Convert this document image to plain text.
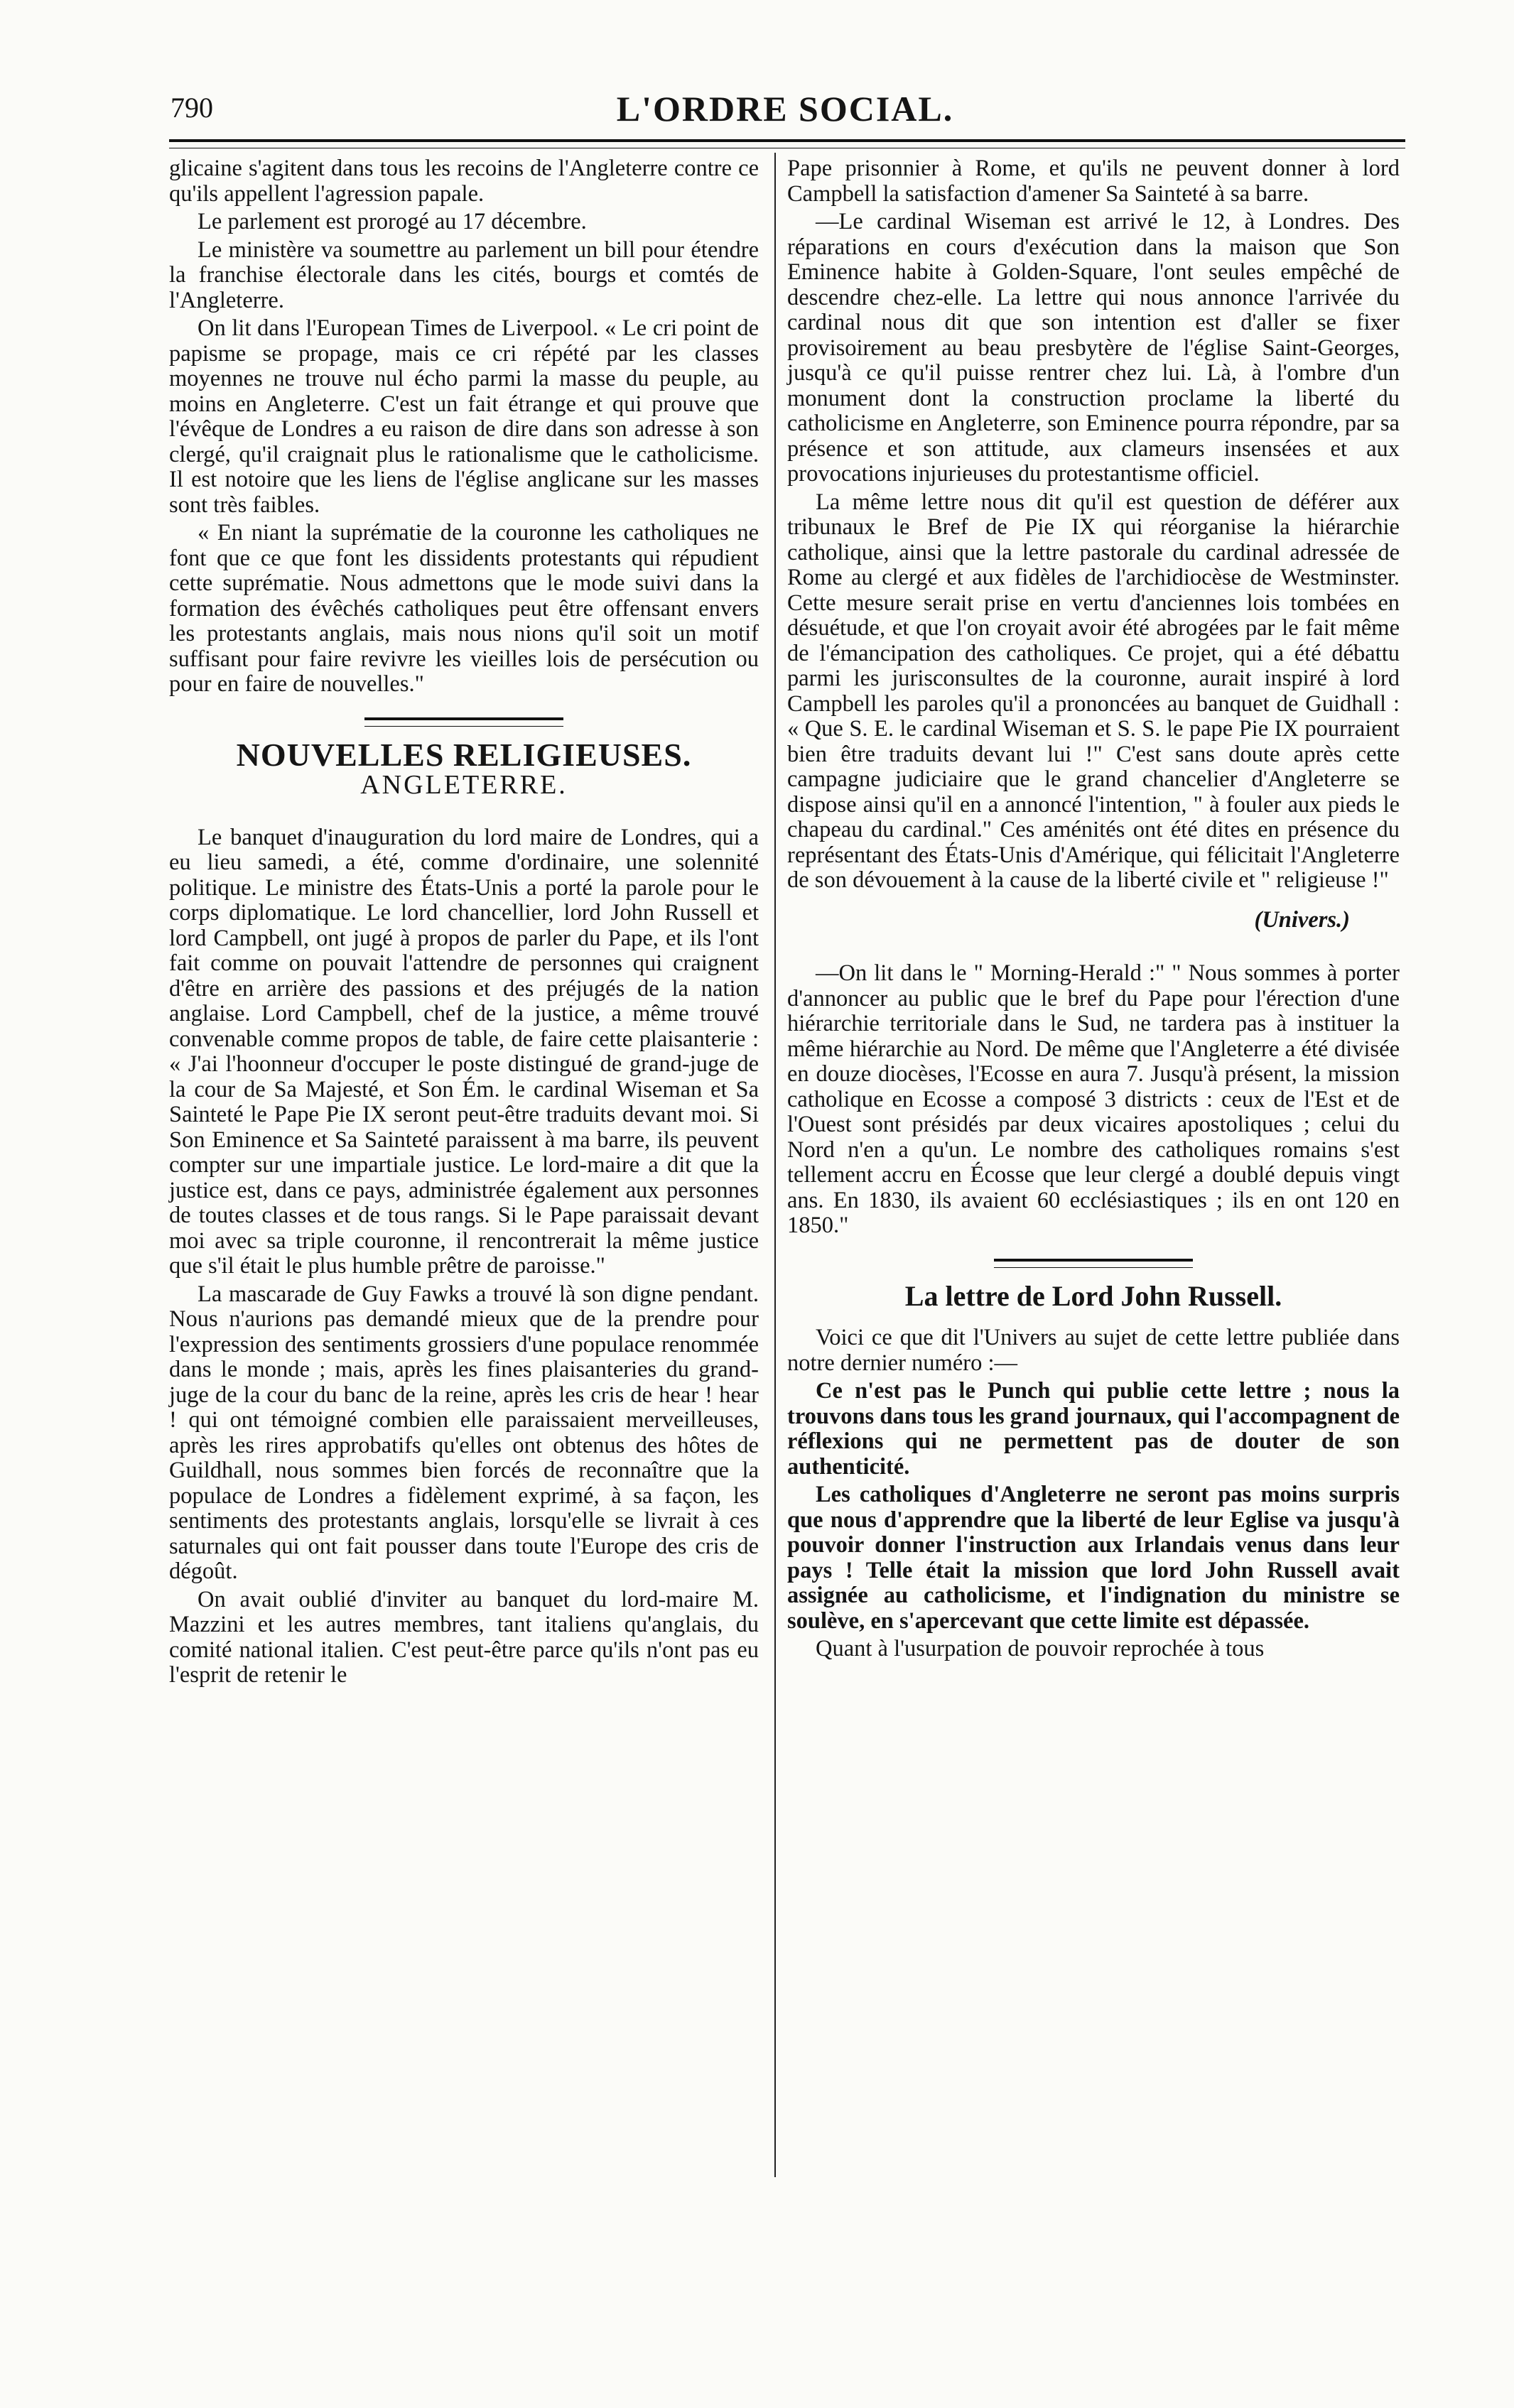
790	L'ORDRE SOCIAL.

glicaine s'agitent dans tous les recoins de l'Angleterre contre ce qu'ils appellent l'agression papale.

Le parlement est prorogé au 17 décembre.

Le ministère va soumettre au parlement un bill pour étendre la franchise électorale dans les cités, bourgs et comtés de l'Angleterre.

On lit dans l'European Times de Liverpool. « Le cri point de papisme se propage, mais ce cri répété par les classes moyennes ne trouve nul écho parmi la masse du peuple, au moins en Angleterre. C'est un fait étrange et qui prouve que l'évêque de Londres a eu raison de dire dans son adresse à son clergé, qu'il craignait plus le rationalisme que le catholicisme. Il est notoire que les liens de l'église anglicane sur les masses sont très faibles.

« En niant la suprématie de la couronne les catholiques ne font que ce que font les dissidents protestants qui répudient cette suprématie. Nous admettons que le mode suivi dans la formation des évêchés catholiques peut être offensant envers les protestants anglais, mais nous nions qu'il soit un motif suffisant pour faire revivre les vieilles lois de persécution ou pour en faire de nouvelles."

NOUVELLES RELIGIEUSES.
ANGLETERRE.

Le banquet d'inauguration du lord maire de Londres, qui a eu lieu samedi, a été, comme d'ordinaire, une solennité politique. Le ministre des États-Unis a porté la parole pour le corps diplomatique. Le lord chancellier, lord John Russell et lord Campbell, ont jugé à propos de parler du Pape, et ils l'ont fait comme on pouvait l'attendre de personnes qui craignent d'être en arrière des passions et des préjugés de la nation anglaise. Lord Campbell, chef de la justice, a même trouvé convenable comme propos de table, de faire cette plaisanterie : « J'ai l'hoonneur d'occuper le poste distingué de grand-juge de la cour de Sa Majesté, et Son Ém. le cardinal Wiseman et Sa Sainteté le Pape Pie IX seront peut-être traduits devant moi. Si Son Eminence et Sa Sainteté paraissent à ma barre, ils peuvent compter sur une impartiale justice. Le lord-maire a dit que la justice est, dans ce pays, administrée également aux personnes de toutes classes et de tous rangs. Si le Pape paraissait devant moi avec sa triple couronne, il rencontrerait la même justice que s'il était le plus humble prêtre de paroisse."

La mascarade de Guy Fawks a trouvé là son digne pendant. Nous n'aurions pas demandé mieux que de la prendre pour l'expression des sentiments grossiers d'une populace renommée dans le monde ; mais, après les fines plaisanteries du grand-juge de la cour du banc de la reine, après les cris de hear ! hear ! qui ont témoigné combien elle paraissaient merveilleuses, après les rires approbatifs qu'elles ont obtenus des hôtes de Guildhall, nous sommes bien forcés de reconnaître que la populace de Londres a fidèlement exprimé, à sa façon, les sentiments des protestants anglais, lorsqu'elle se livrait à ces saturnales qui ont fait pousser dans toute l'Europe des cris de dégoût.

On avait oublié d'inviter au banquet du lord-maire M. Mazzini et les autres membres, tant italiens qu'anglais, du comité national italien. C'est peut-être parce qu'ils n'ont pas eu l'esprit de retenir le

Pape prisonnier à Rome, et qu'ils ne peuvent donner à lord Campbell la satisfaction d'amener Sa Sainteté à sa barre.

—Le cardinal Wiseman est arrivé le 12, à Londres. Des réparations en cours d'exécution dans la maison que Son Eminence habite à Golden-Square, l'ont seules empêché de descendre chez-elle. La lettre qui nous annonce l'arrivée du cardinal nous dit que son intention est d'aller se fixer provisoirement au beau presbytère de l'église Saint-Georges, jusqu'à ce qu'il puisse rentrer chez lui. Là, à l'ombre d'un monument dont la construction proclame la liberté du catholicisme en Angleterre, son Eminence pourra répondre, par sa présence et son attitude, aux clameurs insensées et aux provocations injurieuses du protestantisme officiel.

La même lettre nous dit qu'il est question de déférer aux tribunaux le Bref de Pie IX qui réorganise la hiérarchie catholique, ainsi que la lettre pastorale du cardinal adressée de Rome au clergé et aux fidèles de l'archidiocèse de Westminster. Cette mesure serait prise en vertu d'anciennes lois tombées en désuétude, et que l'on croyait avoir été abrogées par le fait même de l'émancipation des catholiques. Ce projet, qui a été débattu parmi les jurisconsultes de la couronne, aurait inspiré à lord Campbell les paroles qu'il a prononcées au banquet de Guidhall : « Que S. E. le cardinal Wiseman et S. S. le pape Pie IX pourraient bien être traduits devant lui !" C'est sans doute après cette campagne judiciaire que le grand chancelier d'Angleterre se dispose ainsi qu'il en a annoncé l'intention, " à fouler aux pieds le chapeau du cardinal." Ces aménités ont été dites en présence du représentant des États-Unis d'Amérique, qui félicitait l'Angleterre de son dévouement à la cause de la liberté civile et " religieuse !"

(Univers.)

—On lit dans le " Morning-Herald :" " Nous sommes à porter d'annoncer au public que le bref du Pape pour l'érection d'une hiérarchie territoriale dans le Sud, ne tardera pas à instituer la même hiérarchie au Nord. De même que l'Angleterre a été divisée en douze diocèses, l'Ecosse en aura 7. Jusqu'à présent, la mission catholique en Ecosse a composé 3 districts : ceux de l'Est et de l'Ouest sont présidés par deux vicaires apostoliques ; celui du Nord n'en a qu'un. Le nombre des catholiques romains s'est tellement accru en Écosse que leur clergé a doublé depuis vingt ans. En 1830, ils avaient 60 ecclésiastiques ; ils en ont 120 en 1850."

La lettre de Lord John Russell.

Voici ce que dit l'Univers au sujet de cette lettre publiée dans notre dernier numéro :—

Ce n'est pas le Punch qui publie cette lettre ; nous la trouvons dans tous les grand journaux, qui l'accompagnent de réflexions qui ne permettent pas de douter de son authenticité.

Les catholiques d'Angleterre ne seront pas moins surpris que nous d'apprendre que la liberté de leur Eglise va jusqu'à pouvoir donner l'instruction aux Irlandais venus dans leur pays ! Telle était la mission que lord John Russell avait assignée au catholicisme, et l'indignation du ministre se soulève, en s'apercevant que cette limite est dépassée.

Quant à l'usurpation de pouvoir reprochée à tous
